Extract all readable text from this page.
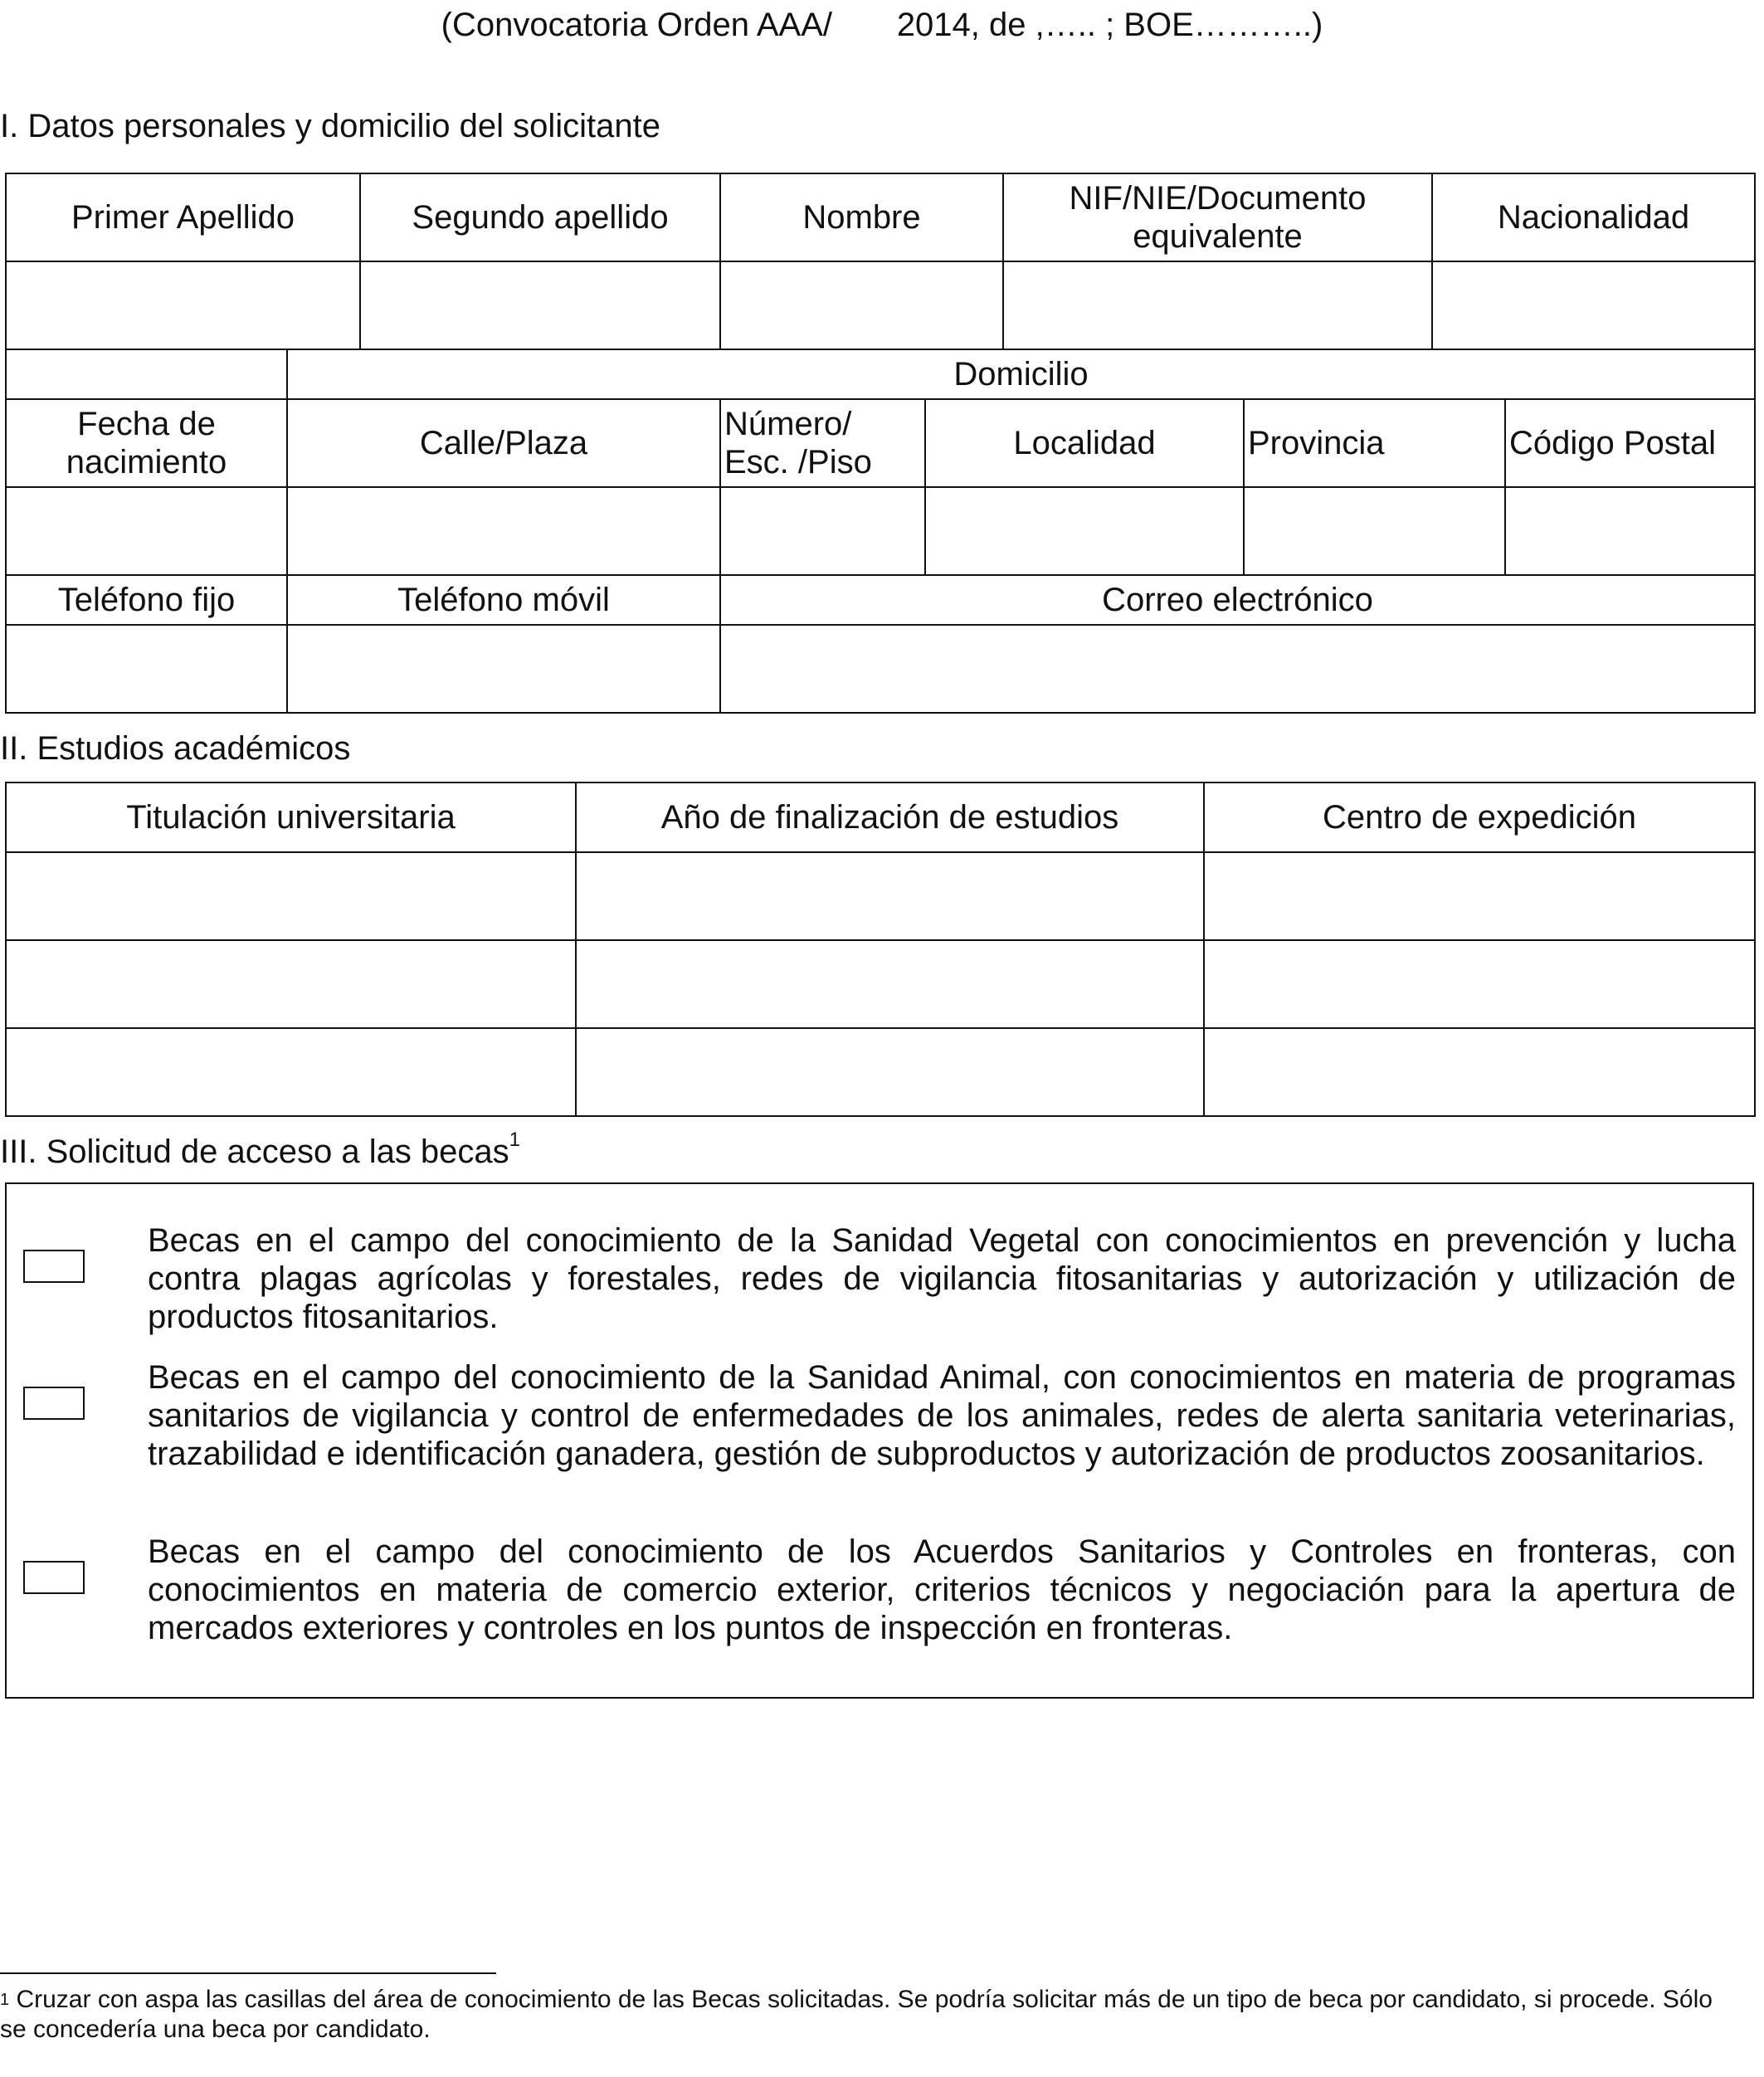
(Convocatoria Orden AAA/       2014, de ,….. ; BOE………..)
I. Datos personales y domicilio del solicitante
Primer Apellido	Segundo apellido	Nombre	NIF/NIE/Documento equivalente	Nacionalidad

	Domicilio				
Fecha de nacimiento	Calle/Plaza	Número/ Esc. /Piso	Localidad	Provincia	Código Postal

Teléfono fijo	Teléfono móvil	Correo electrónico

II. Estudios académicos
Titulación universitaria	Año de finalización de estudios	Centro de expedición

III. Solicitud de acceso a las becas$^1$
Becas en el campo del conocimiento de la Sanidad Vegetal con conocimientos en prevención y lucha contra plagas agrícolas y forestales, redes de vigilancia fitosanitarias y autorización y utilización de productos fitosanitarios.
Becas en el campo del conocimiento de la Sanidad Animal, con conocimientos en materia de programas sanitarios de vigilancia y control de enfermedades de los animales, redes de alerta sanitaria veterinarias, trazabilidad e identificación ganadera, gestión de subproductos y autorización de productos zoosanitarios.
Becas en el campo del conocimiento de los Acuerdos Sanitarios y Controles en fronteras, con conocimientos en materia de comercio exterior, criterios técnicos y negociación para la apertura de mercados exteriores y controles en los puntos de inspección en fronteras.
$^1$ Cruzar con aspa las casillas del área de conocimiento de las Becas solicitadas. Se podría solicitar más de un tipo de beca por candidato, si procede. Sólo se concedería una beca por candidato.
